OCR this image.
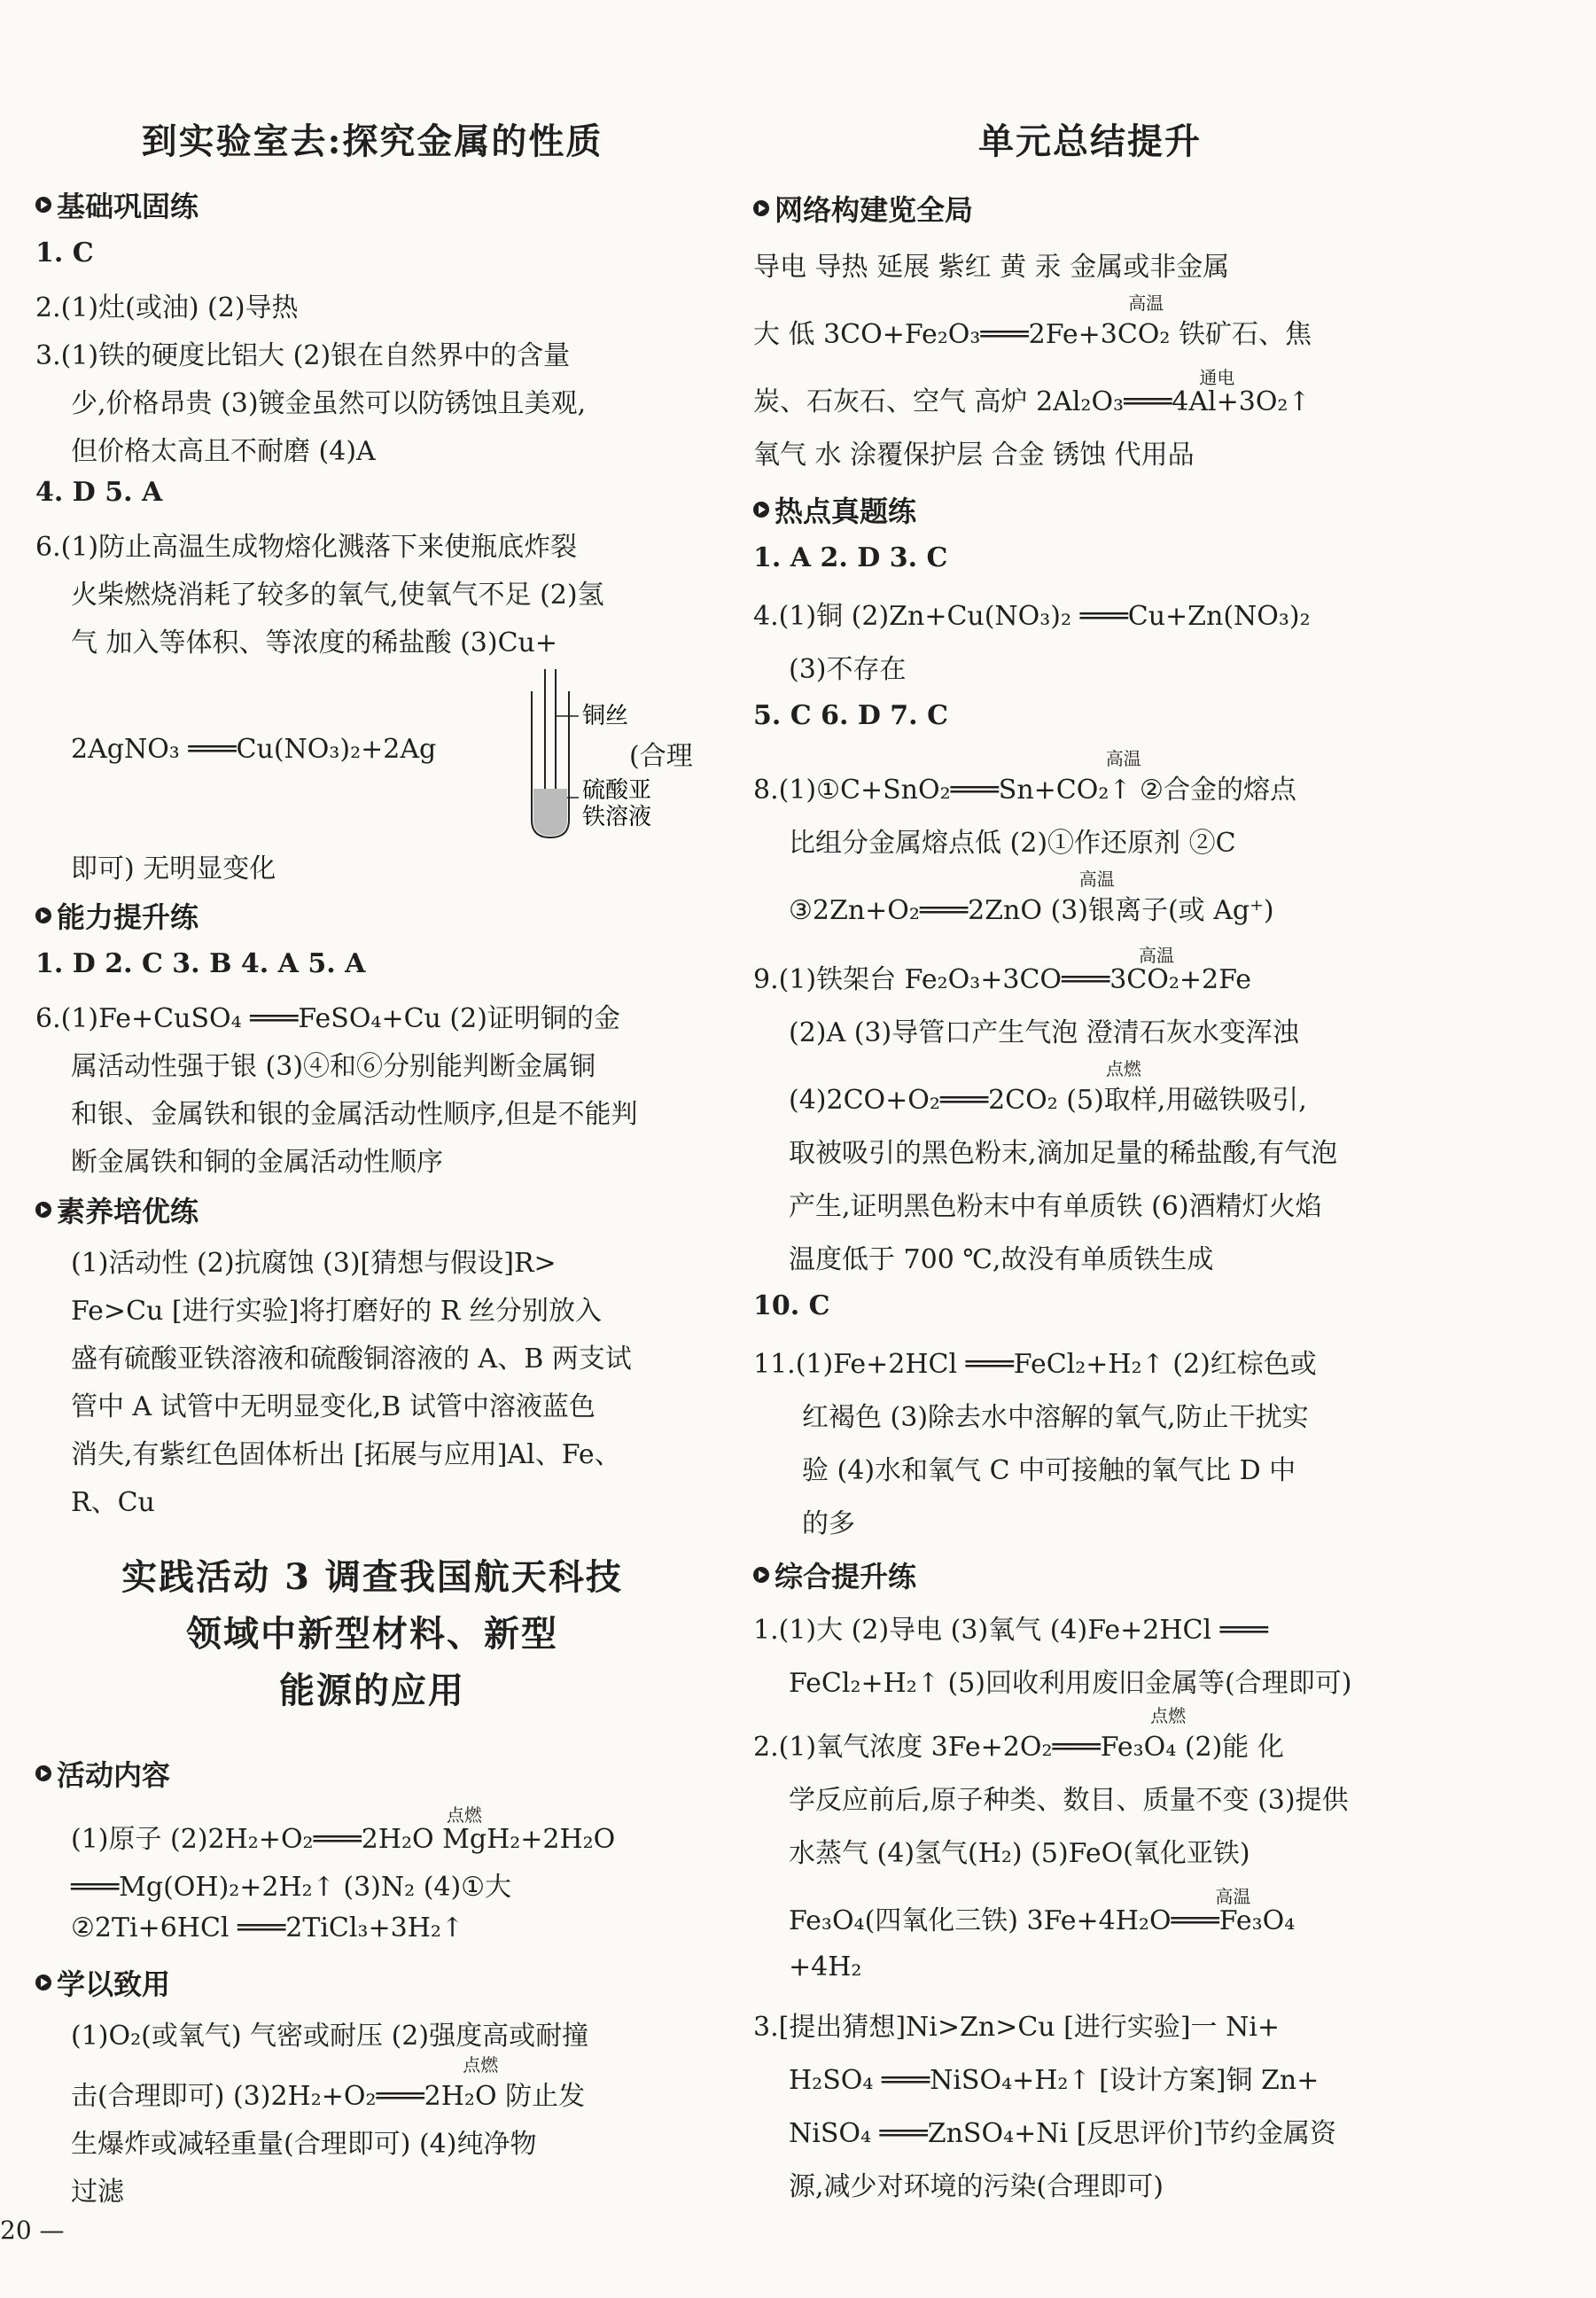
到实验室去:探究金属的性质
基础巩固练
1. C
2.(1)灶(或油) (2)导热
3.(1)铁的硬度比铝大 (2)银在自然界中的含量
少,价格昂贵 (3)镀金虽然可以防锈蚀且美观,
但价格太高且不耐磨 (4)A
4. D 5. A
6.(1)防止高温生成物熔化溅落下来使瓶底炸裂
火柴燃烧消耗了较多的氧气,使氧气不足 (2)氢
气 加入等体积、等浓度的稀盐酸 (3)Cu+
2AgNO₃ ═══Cu(NO₃)₂+2Ag	(合理
铜丝
硫酸亚
铁溶液
即可) 无明显变化
能力提升练
1. D 2. C 3. B 4. A 5. A
6.(1)Fe+CuSO₄ ═══FeSO₄+Cu (2)证明铜的金
属活动性强于银 (3)④和⑥分别能判断金属铜
和银、金属铁和银的金属活动性顺序,但是不能判
断金属铁和铜的金属活动性顺序
素养培优练
(1)活动性 (2)抗腐蚀 (3)[猜想与假设]R>
Fe>Cu [进行实验]将打磨好的 R 丝分别放入
盛有硫酸亚铁溶液和硫酸铜溶液的 A、B 两支试
管中 A 试管中无明显变化,B 试管中溶液蓝色
消失,有紫红色固体析出 [拓展与应用]Al、Fe、
R、Cu
实践活动 3 调查我国航天科技
领域中新型材料、新型
能源的应用
活动内容
(1)原子 (2)2H₂+O₂
点燃
═══2H₂O MgH₂+2H₂O
═══Mg(OH)₂+2H₂↑ (3)N₂ (4)①大
②2Ti+6HCl ═══2TiCl₃+3H₂↑
学以致用
(1)O₂(或氧气) 气密或耐压 (2)强度高或耐撞
击(合理即可) (3)2H₂+O₂
点燃
═══2H₂O 防止发
生爆炸或减轻重量(合理即可) (4)纯净物
过滤
20 —
单元总结提升
网络构建览全局
导电 导热 延展 紫红 黄 汞 金属或非金属
大 低 3CO+Fe₂O₃
高温
═══2Fe+3CO₂ 铁矿石、焦
炭、石灰石、空气 高炉 2Al₂O₃
通电
═══4Al+3O₂↑
氧气 水 涂覆保护层 合金 锈蚀 代用品
热点真题练
1. A 2. D 3. C
4.(1)铜 (2)Zn+Cu(NO₃)₂ ═══Cu+Zn(NO₃)₂
(3)不存在
5. C 6. D 7. C
8.(1)①C+SnO₂
高温
═══Sn+CO₂↑ ②合金的熔点
比组分金属熔点低 (2)①作还原剂 ②C
③2Zn+O₂
高温
═══2ZnO (3)银离子(或 Ag⁺)
9.(1)铁架台 Fe₂O₃+3CO
高温
═══3CO₂+2Fe
(2)A (3)导管口产生气泡 澄清石灰水变浑浊
(4)2CO+O₂
点燃
═══2CO₂ (5)取样,用磁铁吸引,
取被吸引的黑色粉末,滴加足量的稀盐酸,有气泡
产生,证明黑色粉末中有单质铁 (6)酒精灯火焰
温度低于 700 ℃,故没有单质铁生成
10. C
11.(1)Fe+2HCl ═══FeCl₂+H₂↑ (2)红棕色或
红褐色 (3)除去水中溶解的氧气,防止干扰实
验 (4)水和氧气 C 中可接触的氧气比 D 中
的多
综合提升练
1.(1)大 (2)导电 (3)氧气 (4)Fe+2HCl ═══
FeCl₂+H₂↑ (5)回收利用废旧金属等(合理即可)
2.(1)氧气浓度 3Fe+2O₂
点燃
═══Fe₃O₄ (2)能 化
学反应前后,原子种类、数目、质量不变 (3)提供
水蒸气 (4)氢气(H₂) (5)FeO(氧化亚铁)
Fe₃O₄(四氧化三铁) 3Fe+4H₂O
高温
═══Fe₃O₄
+4H₂
3.[提出猜想]Ni>Zn>Cu [进行实验]一 Ni+
H₂SO₄ ═══NiSO₄+H₂↑ [设计方案]铜 Zn+
NiSO₄ ═══ZnSO₄+Ni [反思评价]节约金属资
源,减少对环境的污染(合理即可)
